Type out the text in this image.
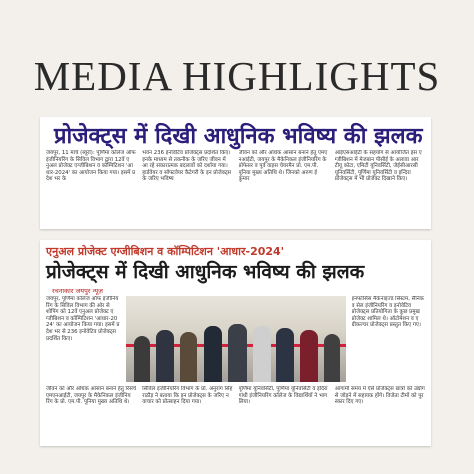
MEDIA HIGHLIGHTS
प्रोजेक्ट्स में दिखी आधुनिक भविष्य की झलक
जयपुर, 11 मार्च (ब्यूरो): पूर्णिमा कॉलेज ऑफ इंजीनियरिंग के सिविल विभाग द्वारा 12वें एनुअल प्रोजेक्ट एग्जीबिशन व कॉम्पिटिशन 'आधार-2024' का आयोजन किया गया। इसमें प्रदेश भर के
भवन 236 इनोवेटिव प्रोजेक्ट्स प्रदर्शित किए। इनके माध्यम से तकनीक के जरिए जीवन में आ रहे सकारात्मक बदलावों को दर्शाया गया। हार्डवेयर व सॉफ्टवेयर कैटेगरी के इन प्रोजेक्ट्स के जरिए भविष्य
जीवन को और अधिक आसान बनाने हेतु एमएनआईटी, जयपुर के मैकेनिकल इंजीनियरिंग के प्रोफेसर व पूर्व वाइस चेयरमैन प्रो. एम.पी. पूनिया मुख्य अतिथि थे। जिनको अरुण ई कुमार
आईएसआईटी के सहयोग से आयोजित इस एग्जीबिशन में मेजबान पीसीई के अलावा आरटीयू कोटा, एमिटी यूनिवर्सिटी, जेईसीआरसी यूनिवर्सिटी, पूर्णिमा यूनिवर्सिटी व इन्दिरा प्रोजेक्ट्स में भी प्रोजेक्ट दिखाने किए।
एनुअल प्रोजेक्ट एग्जीबिशन व कॉम्पिटिशन 'आधार-2024'
प्रोजेक्ट्स में दिखी आधुनिक भविष्य की झलक
रचनाकार जयपुर न्यूज़
जयपुर, पूर्णिमा कॉलेज ऑफ इंजीनियरिंग के सिविल विभाग की ओर से शोपिंग को 12वें एनुअल प्रोजेक्ट एग्जीबिशन व कॉम्पिटिशन 'आधार-2024' का आयोजन किया गया। इसमें प्रदेश भर से 236 इनोवेटिव प्रोजेक्ट्स प्रदर्शित किए।
इनफोसिस मैकेनाइज्ड सिस्टम, सैनिक व सेल इंजीनियरिंग व इनोवेटिव प्रोजेक्ट्स प्रतियोगिता के कुछ प्रमुख प्रोजेक्ट शामिल थे। ऑटोमेशन व एग्रीकल्चर प्रोजेक्ट्स प्रस्तुत किए गए।
जीवन को और अधिक आसान बनाने हेतु रिसर्च एमएनआईटी, जयपुर के मैकेनिकल इंजीनियरिंग के प्रो. एम.पी. पूनिया मुख्य अतिथि थे।
सिविल इंजीनियरिंग विभाग के प्रो. अनुराग सिंह राठौड़ ने बताया कि इन प्रोजेक्ट्स के जरिए नवाचार को प्रोत्साहन दिया गया।
पूर्णिमा यूनिवर्सिटी, पूर्णिमा यूनिवर्सिटी व इंदिरा गांधी इंजीनियरिंग कॉलेज के विद्यार्थियों ने भाग लिया।
आगामी समय में ऐसे प्रोजेक्ट्स छात्रों को उद्योग से जोड़ने में सहायक होंगे। विजेता टीमों को पुरस्कार दिए गए।
